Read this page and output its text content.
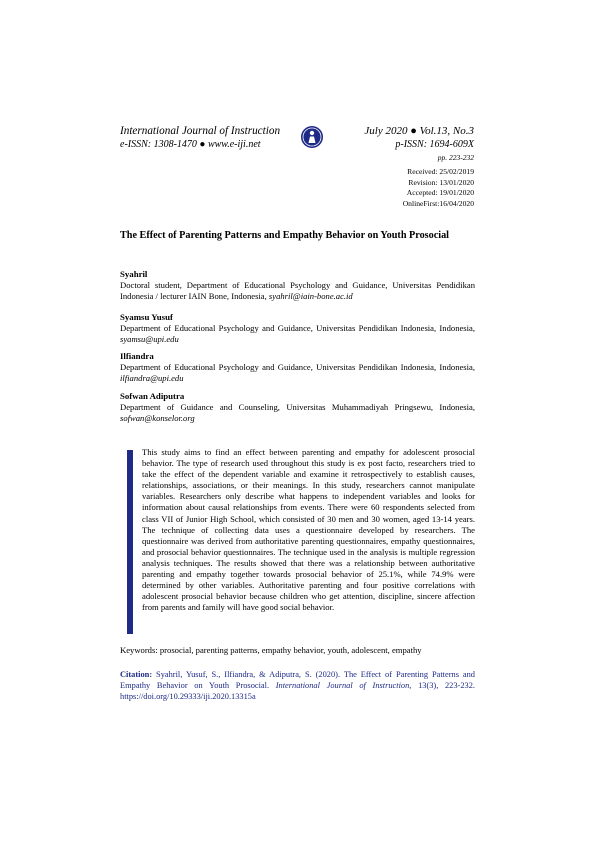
International Journal of Instruction
e-ISSN: 1308-1470 ● www.e-iji.net
July 2020 ● Vol.13, No.3
p-ISSN: 1694-609X
pp. 223-232
Received: 25/02/2019
Revision: 13/01/2020
Accepted: 19/01/2020
OnlineFirst:16/04/2020
The Effect of Parenting Patterns and Empathy Behavior on Youth Prosocial
Syahril
Doctoral student, Department of Educational Psychology and Guidance, Universitas Pendidikan Indonesia / lecturer IAIN Bone, Indonesia, syahril@iain-bone.ac.id
Syamsu Yusuf
Department of Educational Psychology and Guidance, Universitas Pendidikan Indonesia, Indonesia, syamsu@upi.edu
Ilfiandra
Department of Educational Psychology and Guidance, Universitas Pendidikan Indonesia, Indonesia, ilfiandra@upi.edu
Sofwan Adiputra
Department of Guidance and Counseling, Universitas Muhammadiyah Pringsewu, Indonesia, sofwan@konselor.org
This study aims to find an effect between parenting and empathy for adolescent prosocial behavior. The type of research used throughout this study is ex post facto, researchers tried to take the effect of the dependent variable and examine it retrospectively to establish causes, relationships, associations, or their meanings. In this study, researchers cannot manipulate variables. Researchers only describe what happens to independent variables and looks for information about causal relationships from events. There were 60 respondents selected from class VII of Junior High School, which consisted of 30 men and 30 women, aged 13-14 years. The technique of collecting data uses a questionnaire developed by researchers. The questionnaire was derived from authoritative parenting questionnaires, empathy questionnaires, and prosocial behavior questionnaires. The technique used in the analysis is multiple regression analysis techniques. The results showed that there was a relationship between authoritative parenting and empathy together towards prosocial behavior of 25.1%, while 74.9% were determined by other variables. Authoritative parenting and four positive correlations with adolescent prosocial behavior because children who get attention, discipline, sincere affection from parents and family will have good social behavior.
Keywords: prosocial, parenting patterns, empathy behavior, youth, adolescent, empathy
Citation: Syahril, Yusuf, S., Ilfiandra, & Adiputra, S. (2020). The Effect of Parenting Patterns and Empathy Behavior on Youth Prosocial. International Journal of Instruction, 13(3), 223-232. https://doi.org/10.29333/iji.2020.13315a
